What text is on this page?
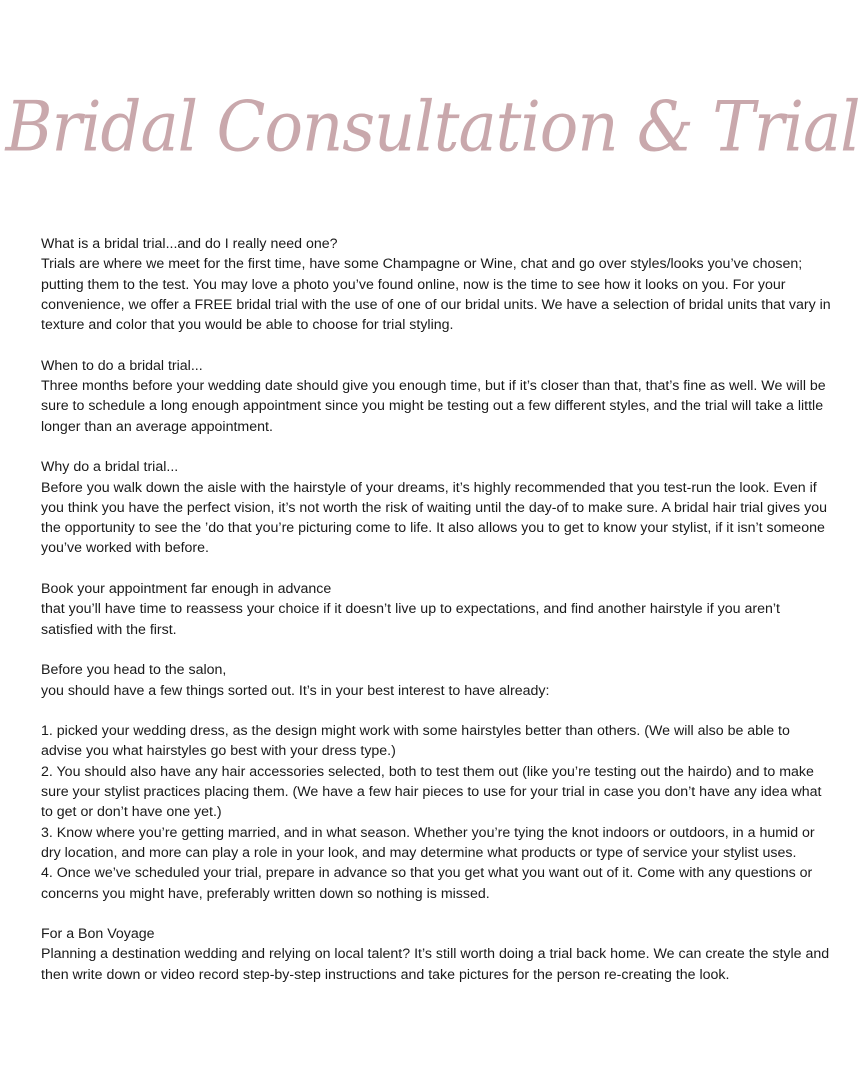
Bridal Consultation & Trial
What is a bridal trial...and do I really need one?
Trials are where we meet for the first time, have some Champagne or Wine, chat and go over styles/looks you’ve chosen; putting them to the test. You may love a photo you’ve found online, now is the time to see how it looks on you. For your convenience, we offer a FREE bridal trial with the use of one of our bridal units. We have a selection of bridal units that vary in texture and color that you would be able to choose for trial styling.
When to do a bridal trial...
Three months before your wedding date should give you enough time, but if it’s closer than that, that’s fine as well. We will be sure to schedule a long enough appointment since you might be testing out a few different styles, and the trial will take a little longer than an average appointment.
Why do a bridal trial...
Before you walk down the aisle with the hairstyle of your dreams, it’s highly recommended that you test-run the look. Even if you think you have the perfect vision, it’s not worth the risk of waiting until the day-of to make sure. A bridal hair trial gives you the opportunity to see the ’do that you’re picturing come to life. It also allows you to get to know your stylist, if it isn’t someone you’ve worked with before.
Book your appointment far enough in advance
that you’ll have time to reassess your choice if it doesn’t live up to expectations, and find another hairstyle if you aren’t satisfied with the first.
Before you head to the salon,
you should have a few things sorted out. It’s in your best interest to have already:
1. picked your wedding dress, as the design might work with some hairstyles better than others. (We will also be able to advise you what hairstyles go best with your dress type.)
2. You should also have any hair accessories selected, both to test them out (like you’re testing out the hairdo) and to make sure your stylist practices placing them. (We have a few hair pieces to use for your trial in case you don’t have any idea what to get or don’t have one yet.)
3. Know where you’re getting married, and in what season. Whether you’re tying the knot indoors or outdoors, in a humid or dry location, and more can play a role in your look, and may determine what products or type of service your stylist uses.
4. Once we’ve scheduled your trial, prepare in advance so that you get what you want out of it. Come with any questions or concerns you might have, preferably written down so nothing is missed.
For a Bon Voyage
Planning a destination wedding and relying on local talent? It’s still worth doing a trial back home. We can create the style and then write down or video record step-by-step instructions and take pictures for the person re-creating the look.
